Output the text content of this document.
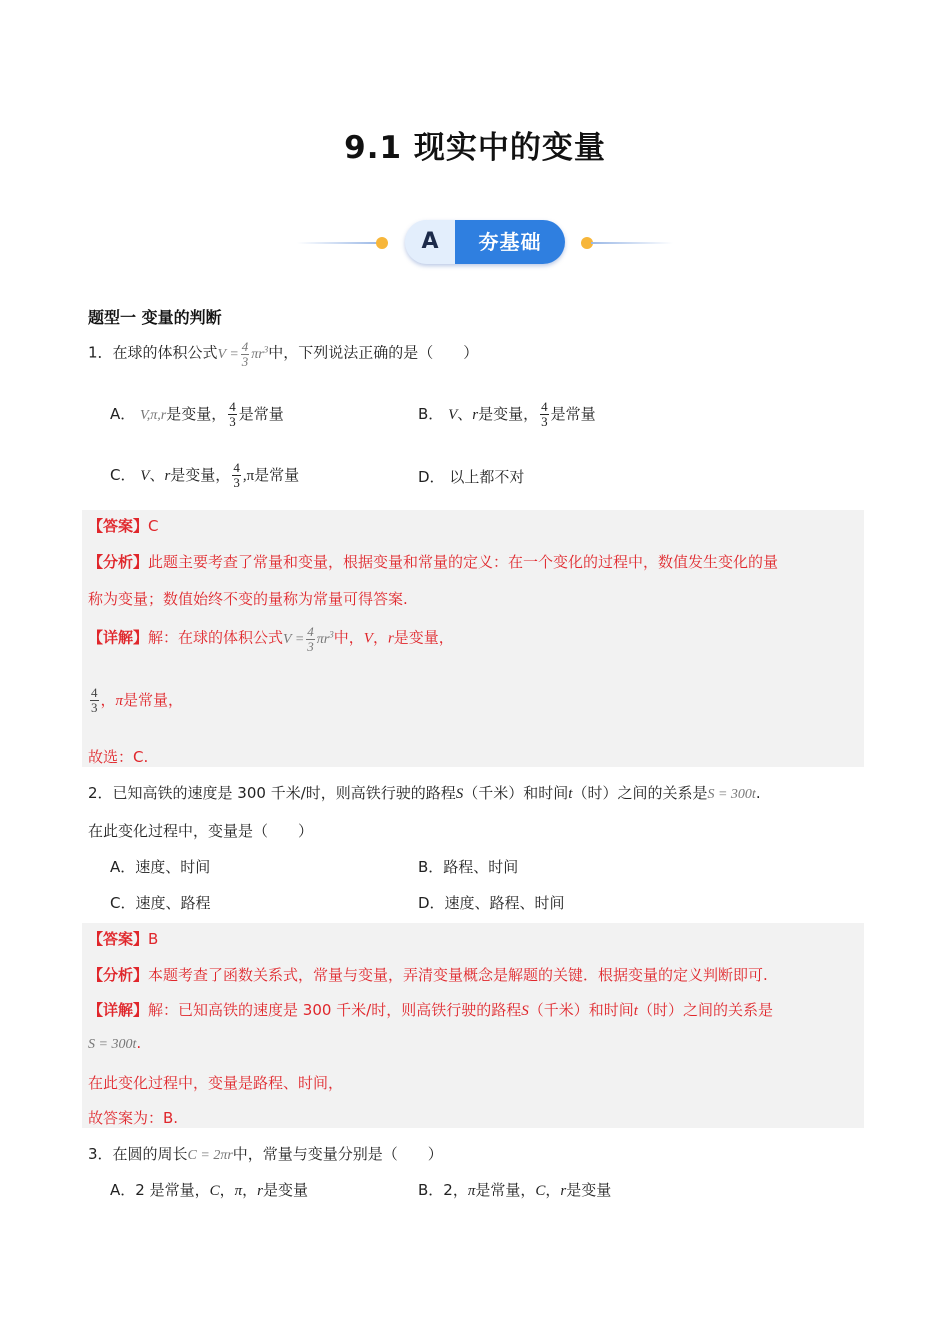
9.1 现实中的变量
A	夯基础
题型一 变量的判断
1．在球的体积公式$V = \frac{4}{3} \pi r^3$中，下列说法正确的是（　　）
A． V,π,r是变量， $\frac{4}{3}$ 是常量	B． V、r是变量， $\frac{4}{3}$ 是常量
C． V、r是变量， $\frac{4}{3} ,\pi$是常量	D． 以上都不对
【答案】C
【分析】此题主要考查了常量和变量，根据变量和常量的定义：在一个变化的过程中，数值发生变化的量
称为变量；数值始终不变的量称为常量可得答案.
【详解】解：在球的体积公式$V = \frac{4}{3} \pi r^3$中，V，r是变量，
$\frac{4}{3}$ ，π是常量，
故选：C.
2．已知高铁的速度是 300 千米/时，则高铁行驶的路程S（千米）和时间t（时）之间的关系是S = 300t.
在此变化过程中，变量是（　　）
A．速度、时间	B．路程、时间
C．速度、路程	D．速度、路程、时间
【答案】B
【分析】本题考查了函数关系式，常量与变量，弄清变量概念是解题的关键．根据变量的定义判断即可.
【详解】解：已知高铁的速度是 300 千米/时，则高铁行驶的路程S（千米）和时间t（时）之间的关系是
S = 300t.
在此变化过程中，变量是路程、时间，
故答案为：B.
3．在圆的周长C = 2πr中，常量与变量分别是（　　）
A．2 是常量，C，π，r是变量	B．2，π是常量，C，r是变量
